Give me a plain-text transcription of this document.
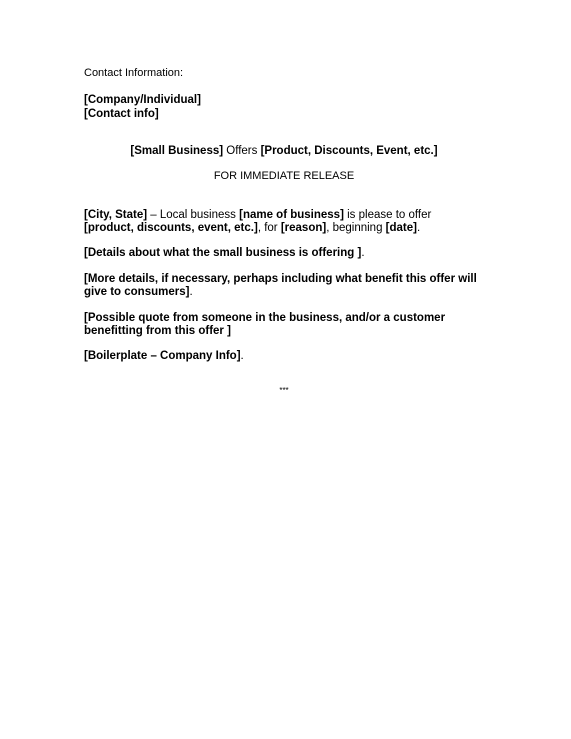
Contact Information:
[Company/Individual]
[Contact info]
[Small Business] Offers [Product, Discounts, Event, etc.]
FOR IMMEDIATE RELEASE
[City, State] – Local business [name of business] is please to offer [product, discounts, event, etc.], for [reason], beginning [date].
[Details about what the small business is offering ].
[More details, if necessary, perhaps including what benefit this offer will give to consumers].
[Possible quote from someone in the business, and/or a customer benefitting from this offer ]
[Boilerplate – Company Info].
***
